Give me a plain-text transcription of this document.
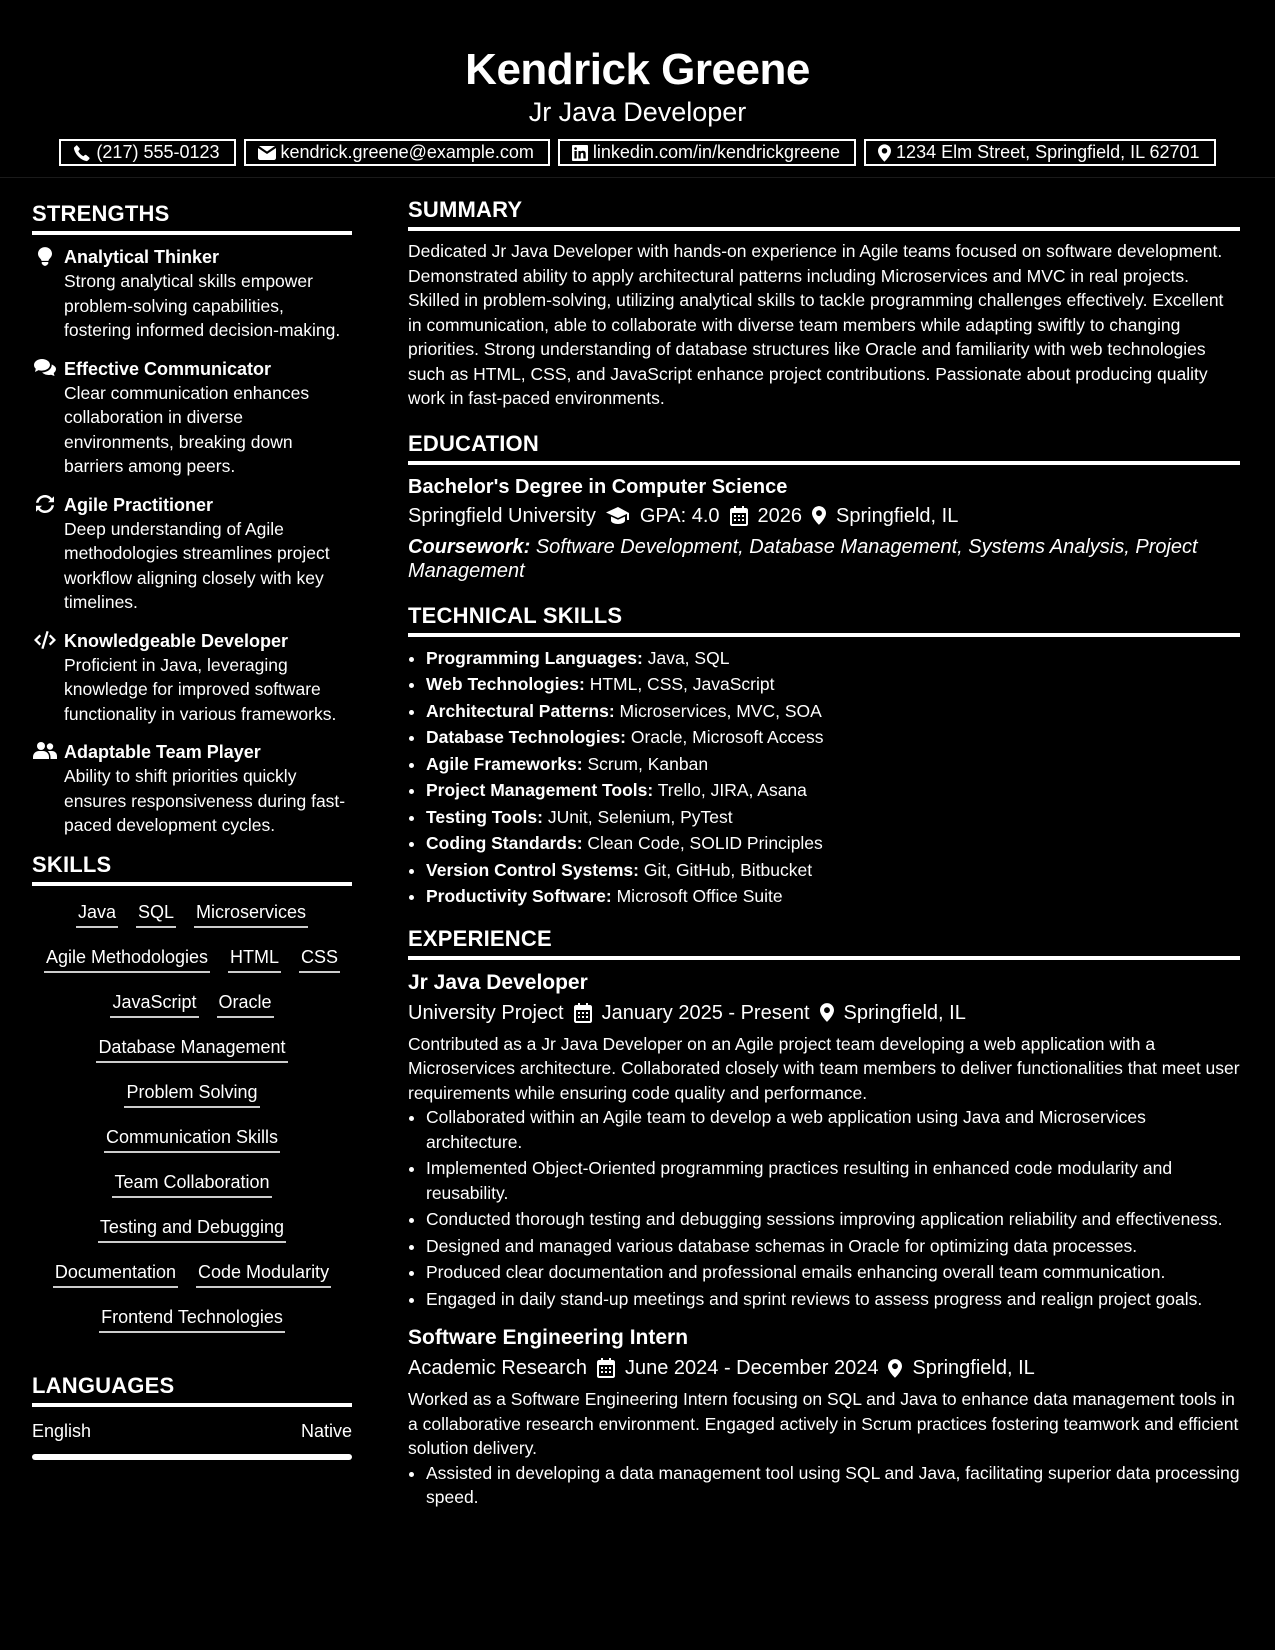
Kendrick Greene
Jr Java Developer
(217) 555-0123	kendrick.greene@example.com	linkedin.com/in/kendrickgreene	1234 Elm Street, Springfield, IL 62701
STRENGTHS
Analytical Thinker
Strong analytical skills empower problem-solving capabilities, fostering informed decision-making.
Effective Communicator
Clear communication enhances collaboration in diverse environments, breaking down barriers among peers.
Agile Practitioner
Deep understanding of Agile methodologies streamlines project workflow aligning closely with key timelines.
Knowledgeable Developer
Proficient in Java, leveraging knowledge for improved software functionality in various frameworks.
Adaptable Team Player
Ability to shift priorities quickly ensures responsiveness during fast-paced development cycles.
SKILLS
Java SQL Microservices
Agile Methodologies HTML CSS
JavaScript Oracle
Database Management
Problem Solving
Communication Skills
Team Collaboration
Testing and Debugging
Documentation Code Modularity
Frontend Technologies
LANGUAGES
English	Native
SUMMARY
Dedicated Jr Java Developer with hands-on experience in Agile teams focused on software development. Demonstrated ability to apply architectural patterns including Microservices and MVC in real projects. Skilled in problem-solving, utilizing analytical skills to tackle programming challenges effectively. Excellent in communication, able to collaborate with diverse team members while adapting swiftly to changing priorities. Strong understanding of database structures like Oracle and familiarity with web technologies such as HTML, CSS, and JavaScript enhance project contributions. Passionate about producing quality work in fast-paced environments.
EDUCATION
Bachelor's Degree in Computer Science
Springfield University GPA: 4.0 2026 Springfield, IL
Coursework: Software Development, Database Management, Systems Analysis, Project Management
TECHNICAL SKILLS
• Programming Languages: Java, SQL
• Web Technologies: HTML, CSS, JavaScript
• Architectural Patterns: Microservices, MVC, SOA
• Database Technologies: Oracle, Microsoft Access
• Agile Frameworks: Scrum, Kanban
• Project Management Tools: Trello, JIRA, Asana
• Testing Tools: JUnit, Selenium, PyTest
• Coding Standards: Clean Code, SOLID Principles
• Version Control Systems: Git, GitHub, Bitbucket
• Productivity Software: Microsoft Office Suite
EXPERIENCE
Jr Java Developer
University Project January 2025 - Present Springfield, IL
Contributed as a Jr Java Developer on an Agile project team developing a web application with a Microservices architecture. Collaborated closely with team members to deliver functionalities that meet user requirements while ensuring code quality and performance.
• Collaborated within an Agile team to develop a web application using Java and Microservices architecture.
• Implemented Object-Oriented programming practices resulting in enhanced code modularity and reusability.
• Conducted thorough testing and debugging sessions improving application reliability and effectiveness.
• Designed and managed various database schemas in Oracle for optimizing data processes.
• Produced clear documentation and professional emails enhancing overall team communication.
• Engaged in daily stand-up meetings and sprint reviews to assess progress and realign project goals.
Software Engineering Intern
Academic Research June 2024 - December 2024 Springfield, IL
Worked as a Software Engineering Intern focusing on SQL and Java to enhance data management tools in a collaborative research environment. Engaged actively in Scrum practices fostering teamwork and efficient solution delivery.
• Assisted in developing a data management tool using SQL and Java, facilitating superior data processing speed.
